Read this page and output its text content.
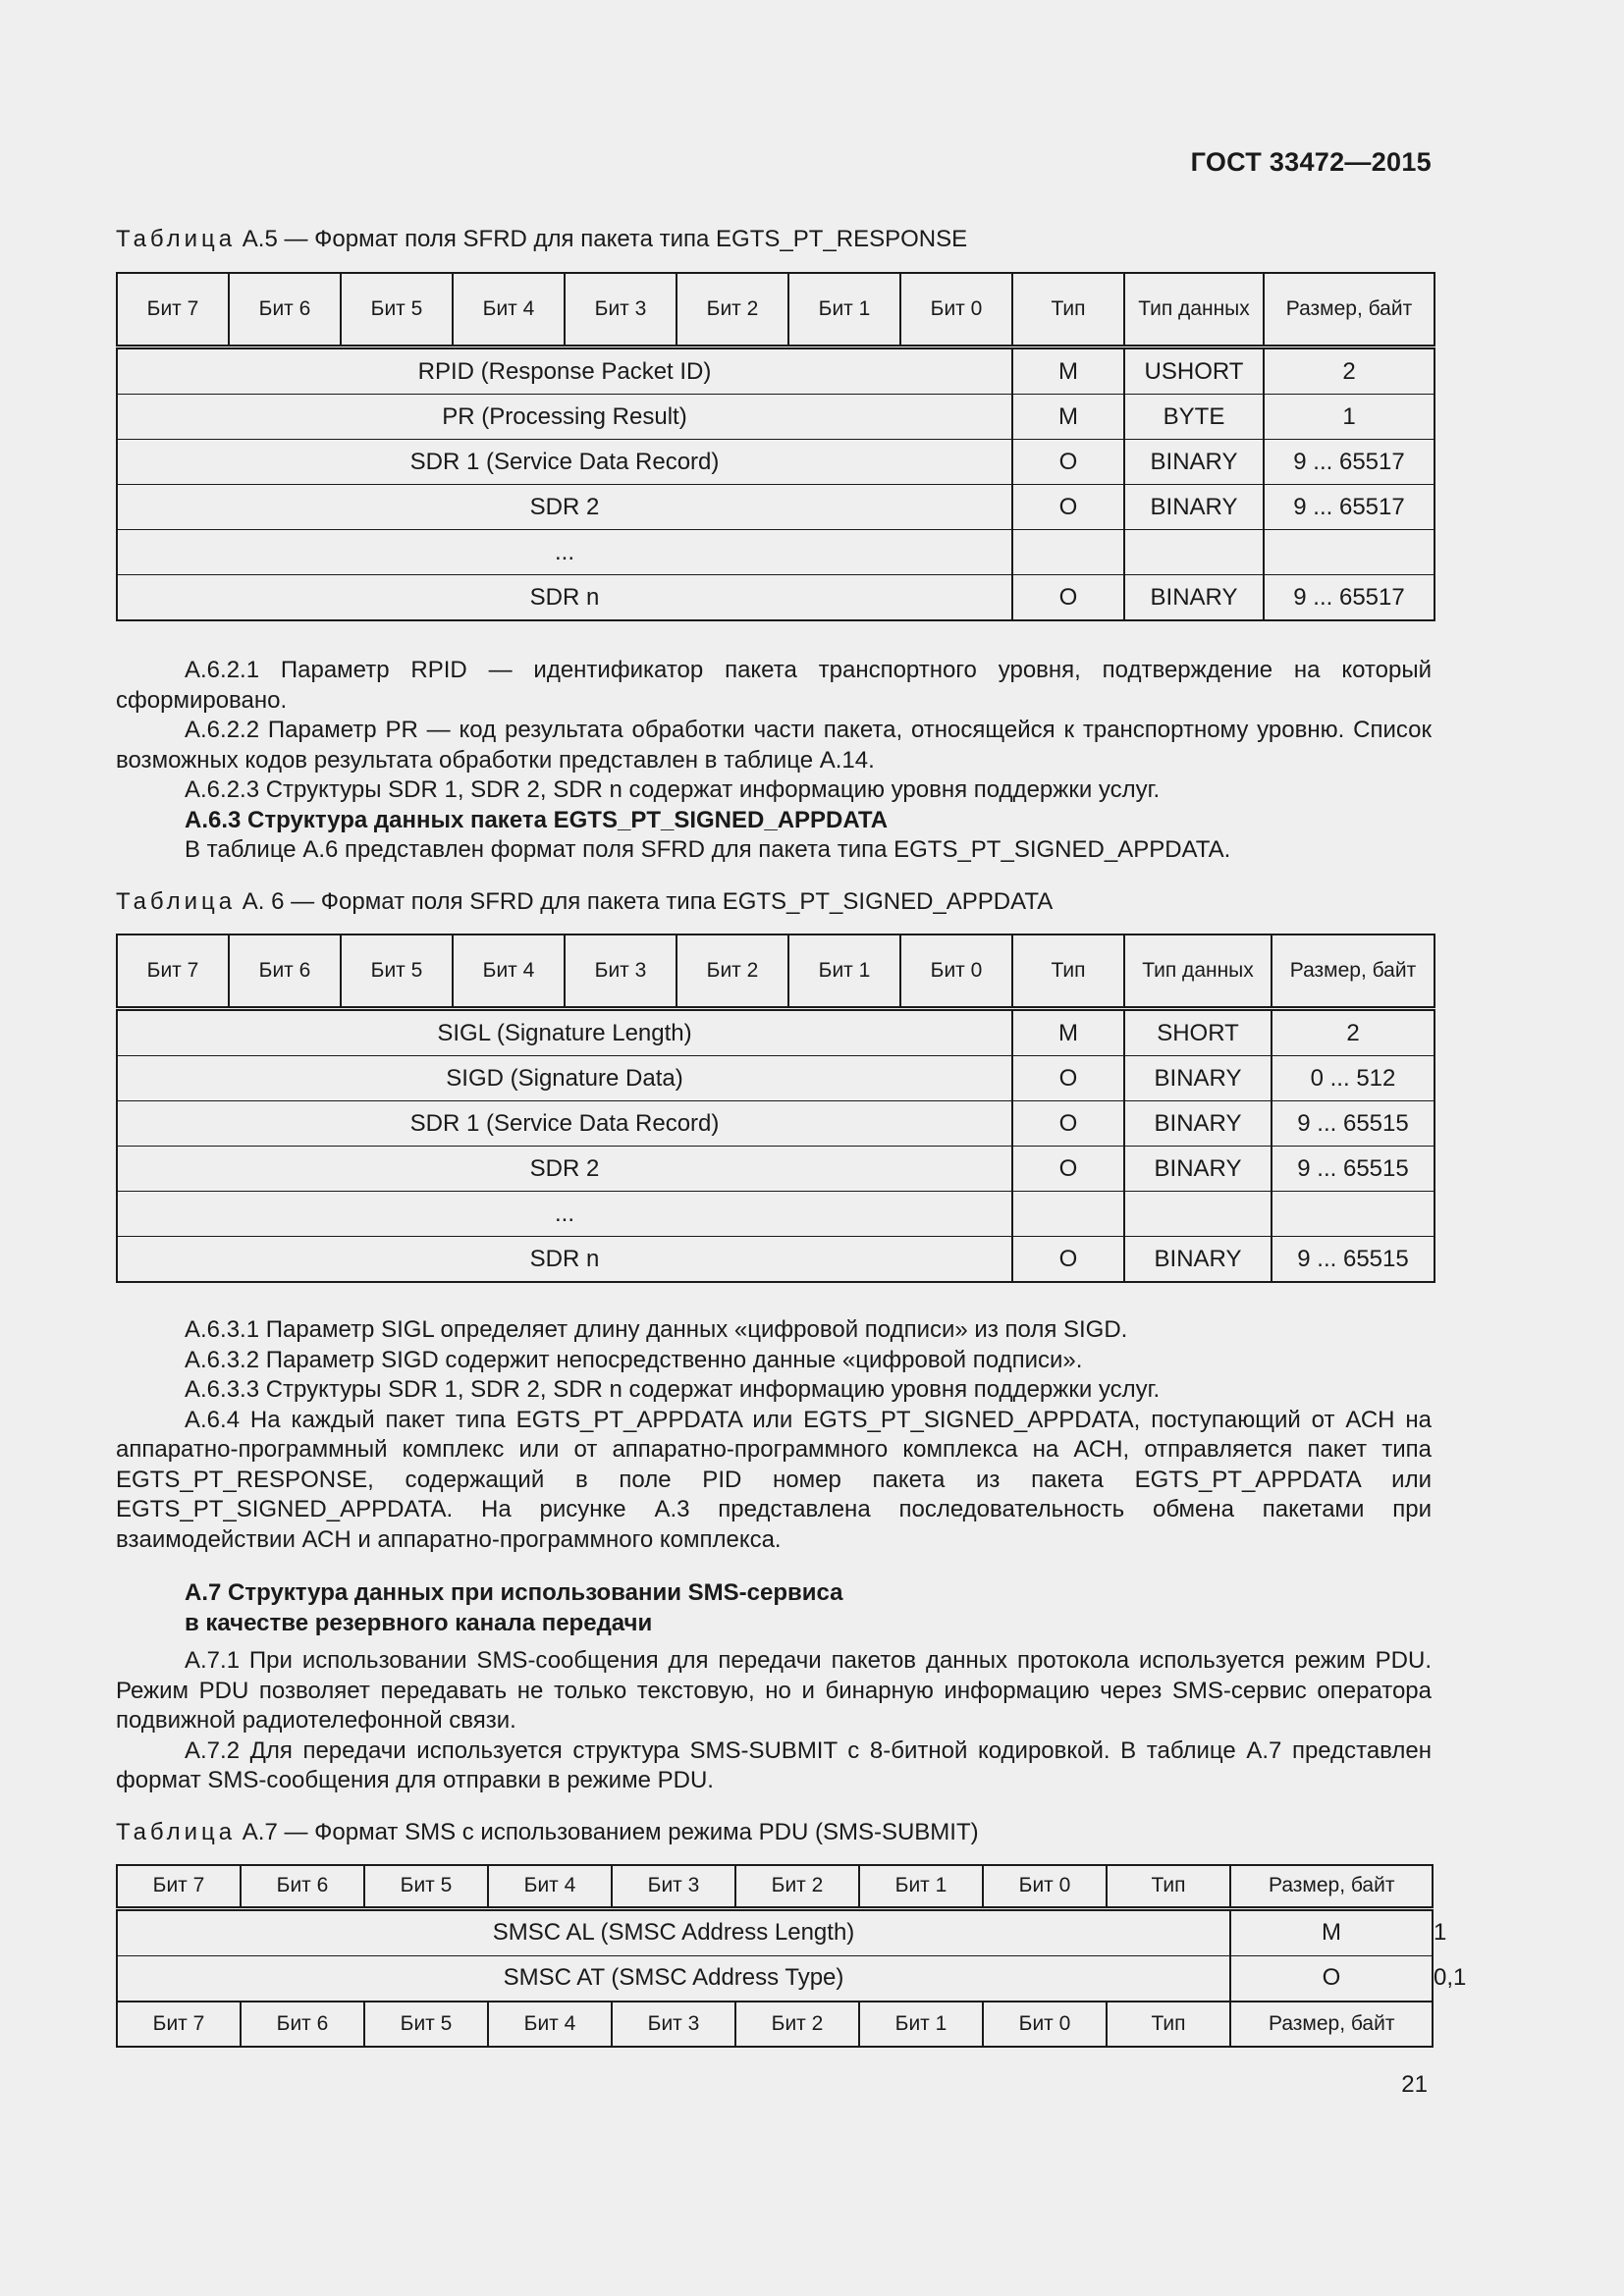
ГОСТ 33472—2015
Таблица А.5 — Формат поля SFRD для пакета типа EGTS_PT_RESPONSE
Бит 7	Бит 6	Бит 5	Бит 4	Бит 3	Бит 2	Бит 1	Бит 0	Тип	Тип данных	Размер, байт
RPID (Response Packet ID)								M	USHORT	2
PR (Processing Result)								M	BYTE	1
SDR 1 (Service Data Record)								O	BINARY	9 ... 65517
SDR 2								O	BINARY	9 ... 65517
...										
SDR n								O	BINARY	9 ... 65517

А.6.2.1 Параметр RPID — идентификатор пакета транспортного уровня, подтверждение на который сформировано.

А.6.2.2 Параметр PR — код результата обработки части пакета, относящейся к транспортному уровню. Список возможных кодов результата обработки представлен в таблице А.14.

А.6.2.3 Структуры SDR 1, SDR 2, SDR n содержат информацию уровня поддержки услуг.

А.6.3 Структура данных пакета EGTS_PT_SIGNED_APPDATA

В таблице А.6 представлен формат поля SFRD для пакета типа EGTS_PT_SIGNED_APPDATA.

Таблица А. 6 — Формат поля SFRD для пакета типа EGTS_PT_SIGNED_APPDATA
Бит 7	Бит 6	Бит 5	Бит 4	Бит 3	Бит 2	Бит 1	Бит 0	Тип	Тип данных	Размер, байт
SIGL (Signature Length)								M	SHORT	2
SIGD (Signature Data)								O	BINARY	0 ... 512
SDR 1 (Service Data Record)								O	BINARY	9 ... 65515
SDR 2								O	BINARY	9 ... 65515
...										
SDR n								O	BINARY	9 ... 65515

А.6.3.1 Параметр SIGL определяет длину данных «цифровой подписи» из поля SIGD.

А.6.3.2 Параметр SIGD содержит непосредственно данные «цифровой подписи».

А.6.3.3 Структуры SDR 1, SDR 2, SDR n содержат информацию уровня поддержки услуг.

А.6.4 На каждый пакет типа EGTS_PT_APPDATA или EGTS_PT_SIGNED_APPDATA, поступающий от АСН на аппаратно-программный комплекс или от аппаратно-программного комплекса на АСН, отправляется пакет типа EGTS_PT_RESPONSE, содержащий в поле PID номер пакета из пакета EGTS_PT_APPDATA или EGTS_PT_SIGNED_APPDATA. На рисунке А.3 представлена последовательность обмена пакетами при взаимодействии АСН и аппаратно-программного комплекса.

А.7 Структура данных при использовании SMS-сервиса
в качестве резервного канала передачи

А.7.1 При использовании SMS-сообщения для передачи пакетов данных протокола используется режим PDU. Режим PDU позволяет передавать не только текстовую, но и бинарную информацию через SMS-сервис оператора подвижной радиотелефонной связи.

А.7.2 Для передачи используется структура SMS-SUBMIT с 8-битной кодировкой. В таблице А.7 представлен формат SMS-сообщения для отправки в режиме PDU.

Таблица А.7 — Формат SMS с использованием режима PDU (SMS-SUBMIT)
Бит 7	Бит 6	Бит 5	Бит 4	Бит 3	Бит 2	Бит 1	Бит 0	Тип	Размер, байт	
SMSC AL (SMSC Address Length)									M	1
SMSC AT (SMSC Address Type)									O	0,1
Бит 7	Бит 6	Бит 5	Бит 4	Бит 3	Бит 2	Бит 1	Бит 0	Тип	Размер, байт	
21
